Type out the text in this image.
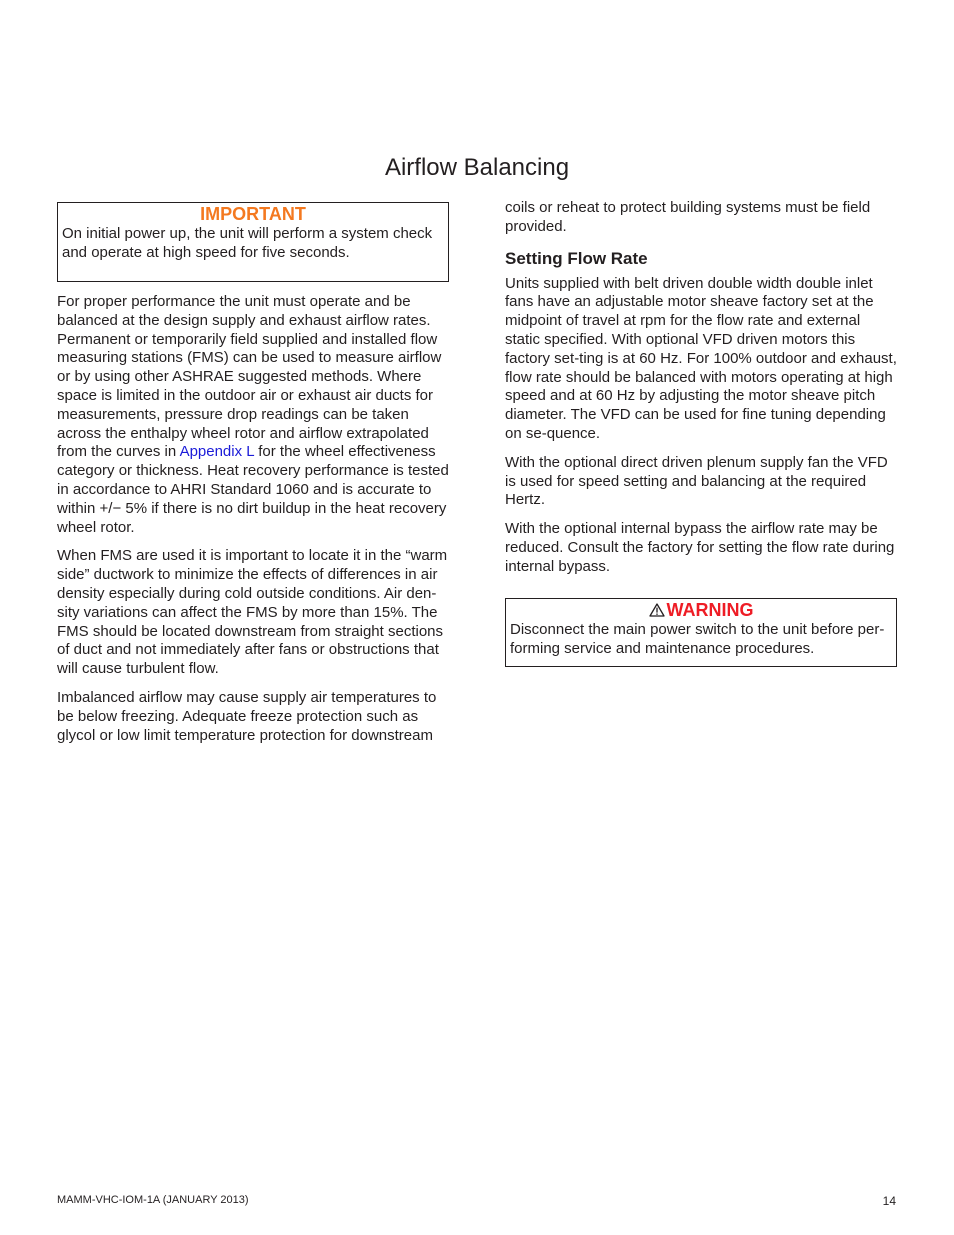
Airflow Balancing

IMPORTANT

On initial power up, the unit will perform a system check and operate at high speed for five seconds.

For proper performance the unit must operate and be balanced at the design supply and exhaust airflow rates. Permanent or temporarily field supplied and installed flow measuring stations (FMS) can be used to measure airflow or by using other ASHRAE suggested methods. Where space is limited in the outdoor air or exhaust air ducts for measurements, pressure drop readings can be taken across the enthalpy wheel rotor and airflow extrapolated from the curves in Appendix L for the wheel effectiveness category or thickness. Heat recovery performance is tested in accordance to AHRI Standard 1060 and is accurate to within +/− 5% if there is no dirt buildup in the heat recovery wheel rotor.

When FMS are used it is important to locate it in the “warm side” ductwork to minimize the effects of differences in air density especially during cold outside conditions. Air den-sity variations can affect the FMS by more than 15%. The FMS should be located downstream from straight sections of duct and not immediately after fans or obstructions that will cause turbulent flow.

Imbalanced airflow may cause supply air temperatures to be below freezing. Adequate freeze protection such as glycol or low limit temperature protection for downstream

coils or reheat to protect building systems must be field provided.

Setting Flow Rate

Units supplied with belt driven double width double inlet fans have an adjustable motor sheave factory set at the midpoint of travel at rpm for the flow rate and external static specified. With optional VFD driven motors this factory set-ting is at 60 Hz. For 100% outdoor and exhaust, flow rate should be balanced with motors operating at high speed and at 60 Hz by adjusting the motor sheave pitch diameter. The VFD can be used for fine tuning depending on se-quence.

With the optional direct driven plenum supply fan the VFD is used for speed setting and balancing at the required Hertz.

With the optional internal bypass the airflow rate may be reduced. Consult the factory for setting the flow rate during internal bypass.

WARNING

Disconnect the main power switch to the unit before per-forming service and maintenance procedures.

MAMM-VHC-IOM-1A (JANUARY 2013)	14
